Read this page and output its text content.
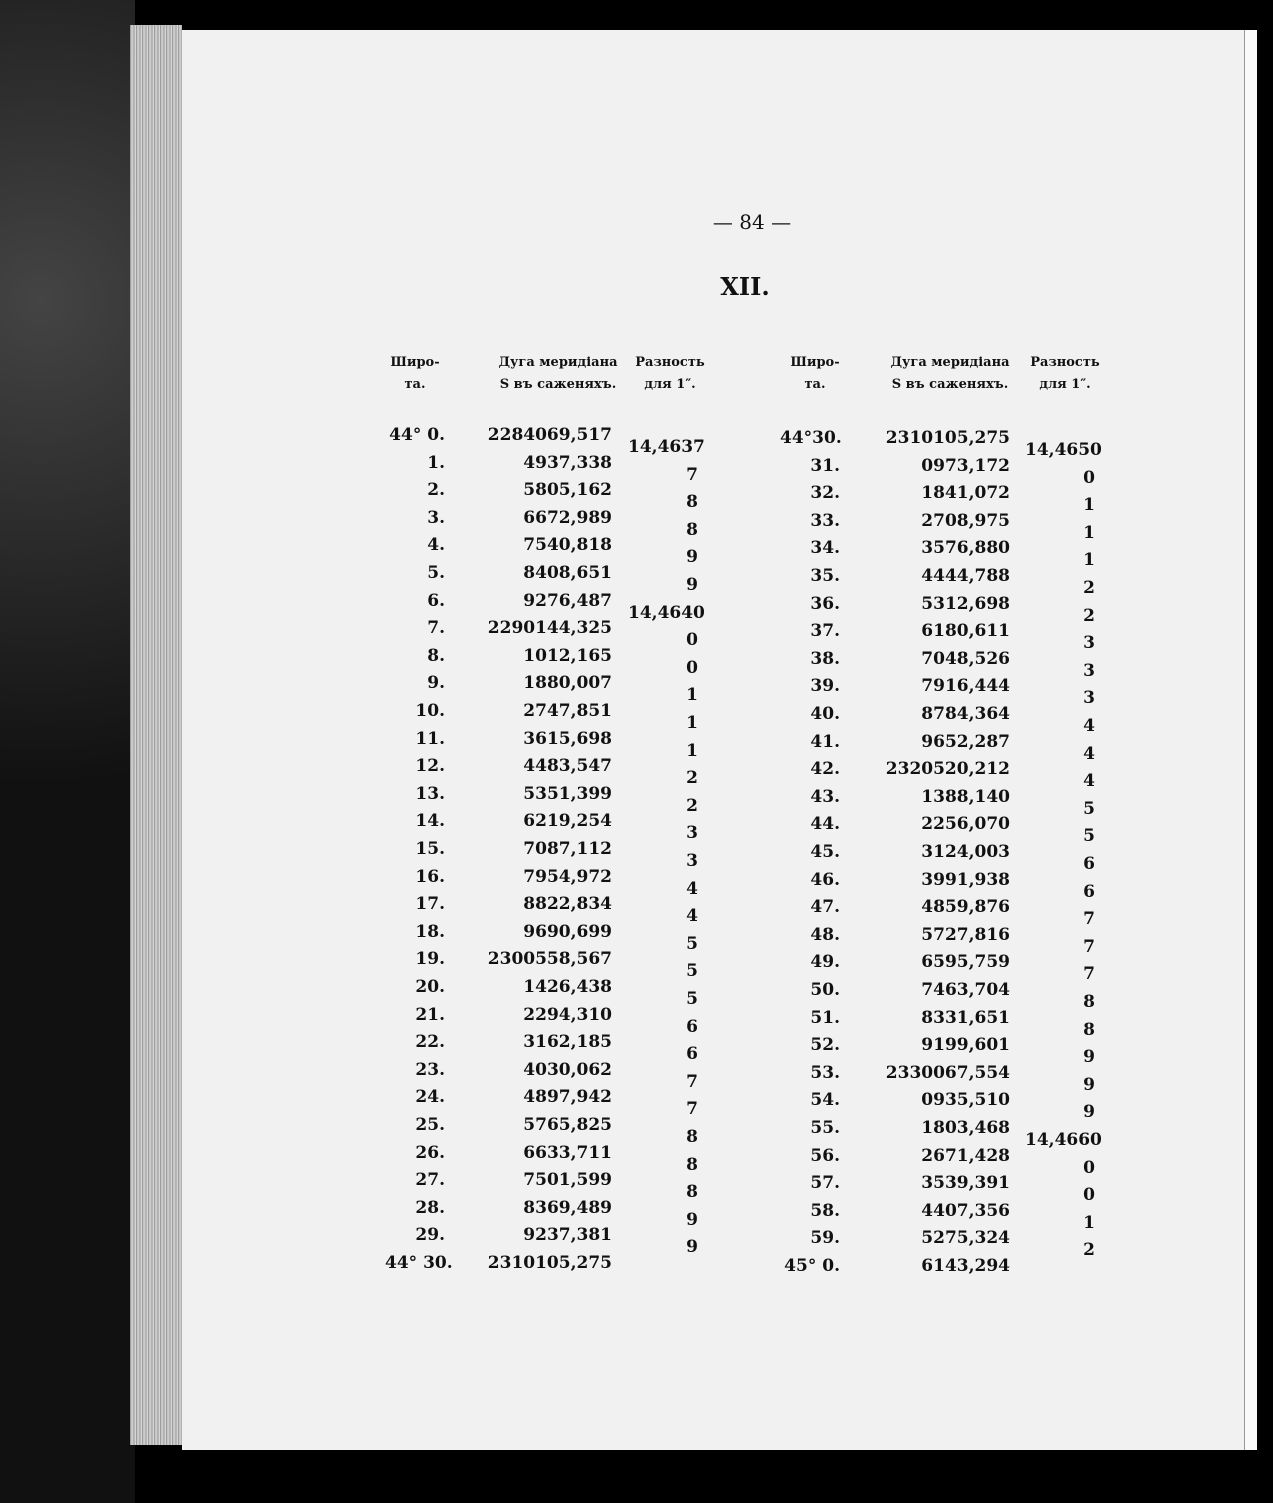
— 84 —
XII.
Широ-
та.
Дуга меридіана
S въ саженяхъ.
Разность
для 1″.
Широ-
та.
Дуга меридіана
S въ саженяхъ.
Разность
для 1″.
44° 0.
1.
2.
3.
4.
5.
6.
7.
8.
9.
10.
11.
12.
13.
14.
15.
16.
17.
18.
19.
20.
21.
22.
23.
24.
25.
26.
27.
28.
29.
44° 30.
2284069,517
4937,338
5805,162
6672,989
7540,818
8408,651
9276,487
2290144,325
1012,165
1880,007
2747,851
3615,698
4483,547
5351,399
6219,254
7087,112
7954,972
8822,834
9690,699
2300558,567
1426,438
2294,310
3162,185
4030,062
4897,942
5765,825
6633,711
7501,599
8369,489
9237,381
2310105,275
14,4637
7
8
8
9
9
14,4640
0
0
1
1
1
2
2
3
3
4
4
5
5
5
6
6
7
7
8
8
8
9
9
44°30.
31.
32.
33.
34.
35.
36.
37.
38.
39.
40.
41.
42.
43.
44.
45.
46.
47.
48.
49.
50.
51.
52.
53.
54.
55.
56.
57.
58.
59.
45° 0.
2310105,275
0973,172
1841,072
2708,975
3576,880
4444,788
5312,698
6180,611
7048,526
7916,444
8784,364
9652,287
2320520,212
1388,140
2256,070
3124,003
3991,938
4859,876
5727,816
6595,759
7463,704
8331,651
9199,601
2330067,554
0935,510
1803,468
2671,428
3539,391
4407,356
5275,324
6143,294
14,4650
0
1
1
1
2
2
3
3
3
4
4
4
5
5
6
6
7
7
7
8
8
9
9
9
14,4660
0
0
1
2
